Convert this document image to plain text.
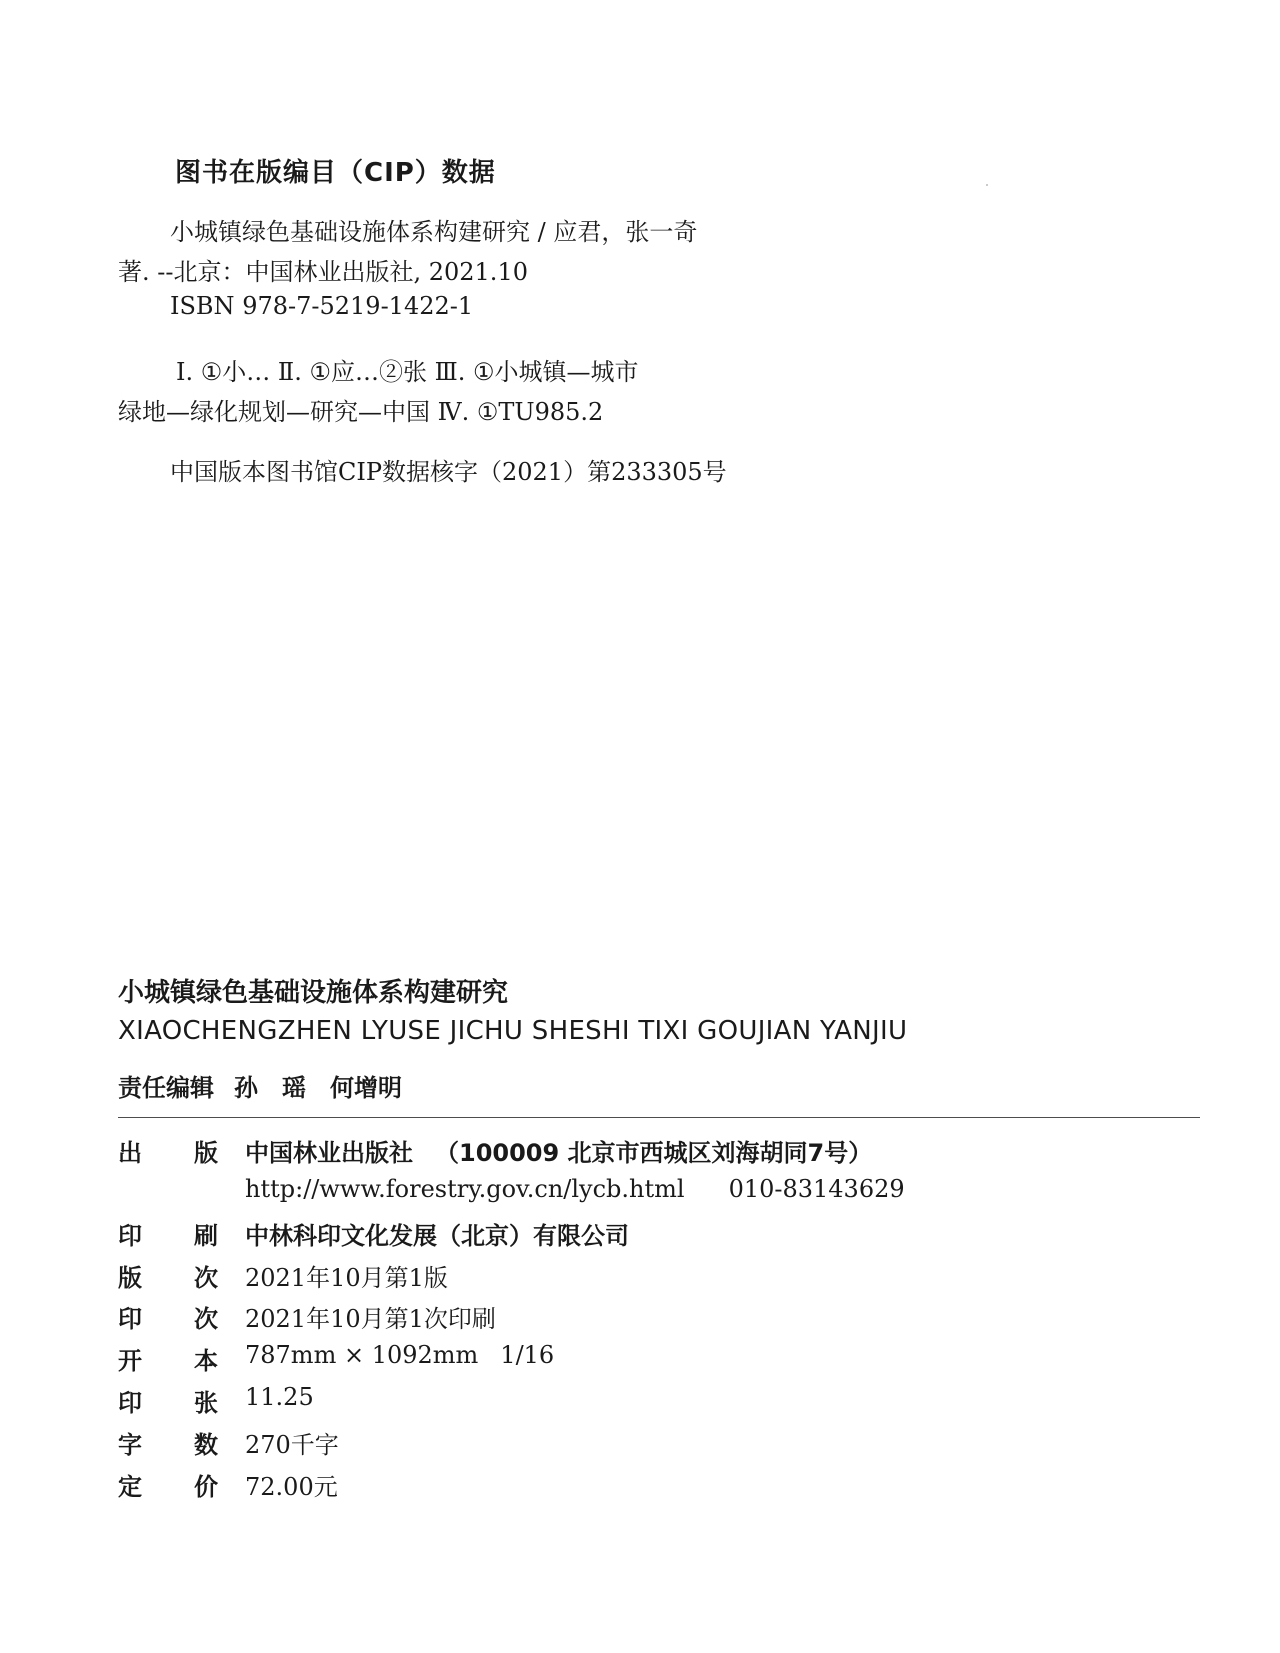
图书在版编目（CIP）数据
小城镇绿色基础设施体系构建研究 / 应君，张一奇
著. --北京：中国林业出版社, 2021.10
ISBN 978-7-5219-1422-1
Ⅰ. ①小… Ⅱ. ①应…②张 Ⅲ. ①小城镇—城市
绿地—绿化规划—研究—中国 Ⅳ. ①TU985.2
中国版本图书馆CIP数据核字（2021）第233305号
小城镇绿色基础设施体系构建研究
XIAOCHENGZHEN LYUSE JICHU SHESHI TIXI GOUJIAN YANJIU
责任编辑 孙　瑶　何增明
出 版 中国林业出版社 （100009 北京市西城区刘海胡同7号）
http://www.forestry.gov.cn/lycb.html 010-83143629
印 刷 中林科印文化发展（北京）有限公司
版 次 2021年10月第1版
印 次 2021年10月第1次印刷
开 本 787mm × 1092mm 1/16
印 张 11.25
字 数 270千字
定 价 72.00元
